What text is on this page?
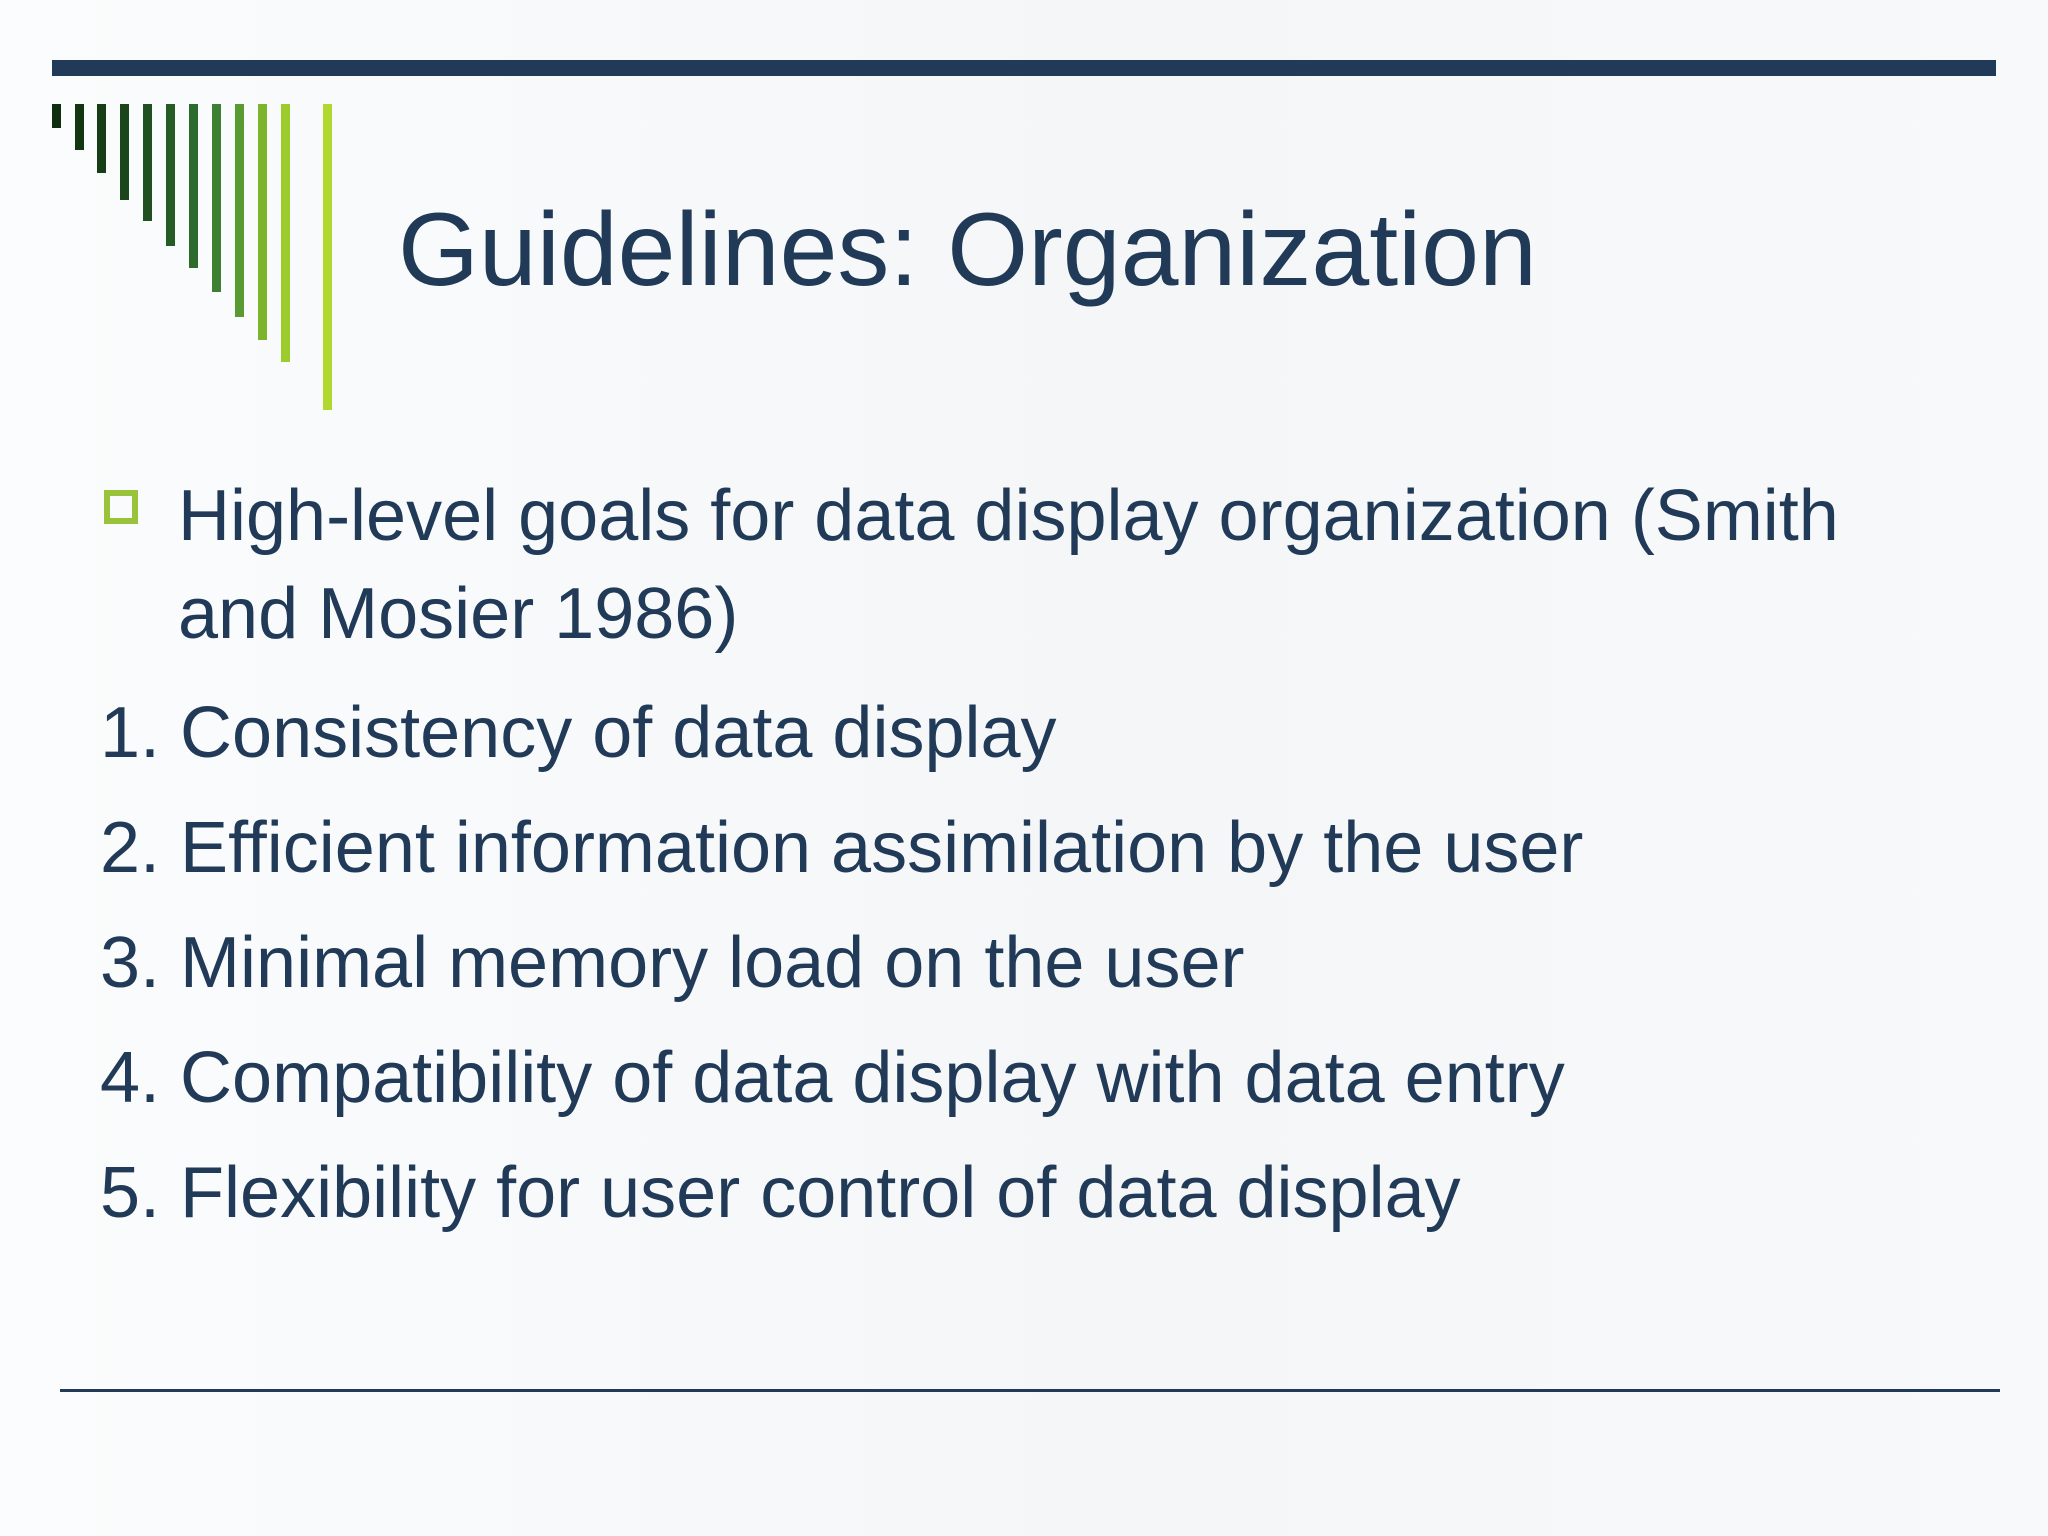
Guidelines: Organization
High-level goals for data display organization (Smith and Mosier 1986)
1. Consistency of data display
2. Efficient information assimilation by the user
3. Minimal memory load on the user
4. Compatibility of data display with data entry
5. Flexibility for user control of data display
